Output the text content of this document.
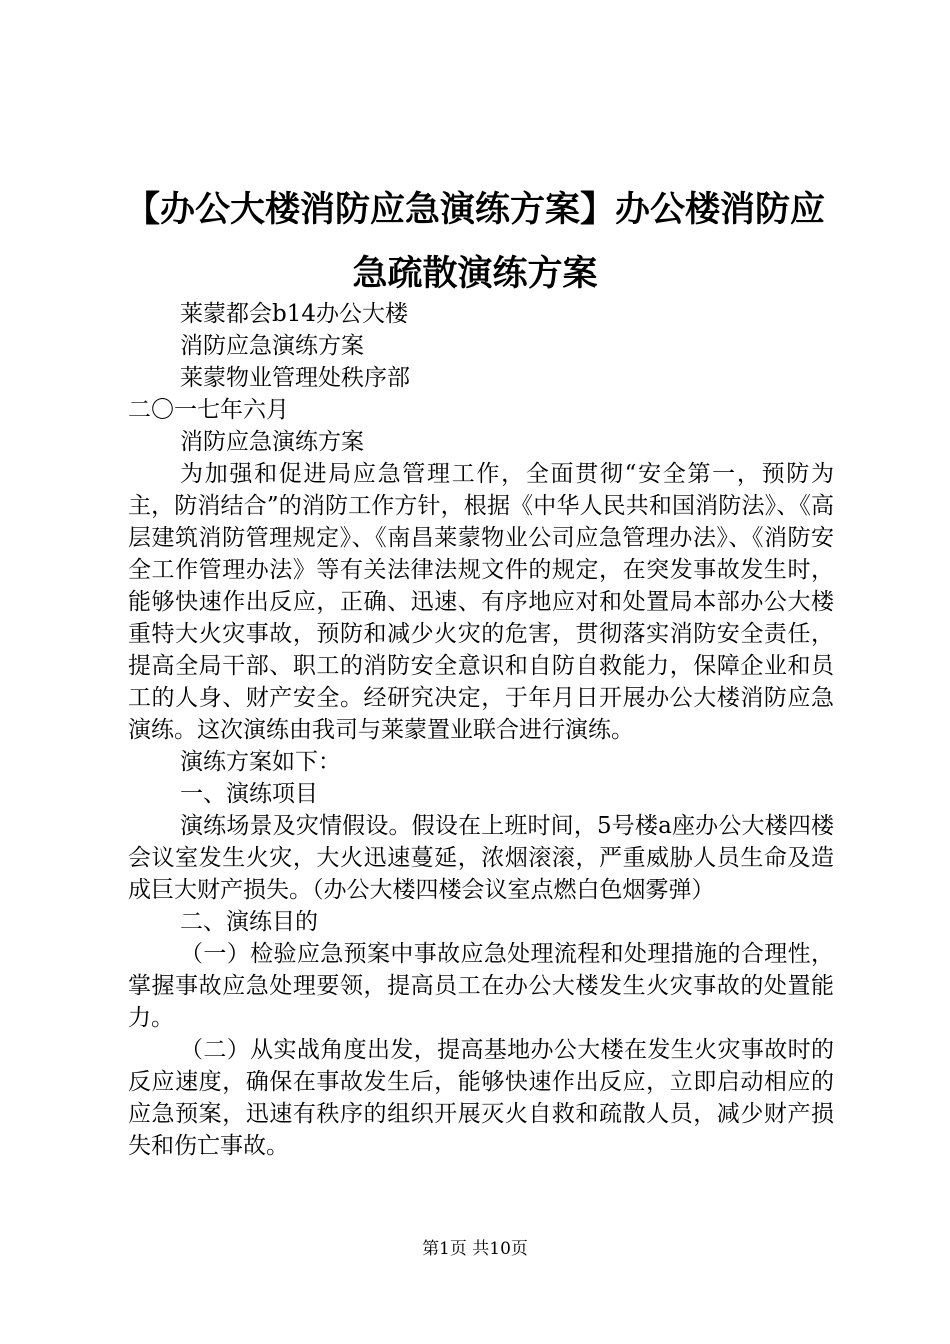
【办公大楼消防应急演练方案】办公楼消防应
急疏散演练方案

莱蒙都会b14办公大楼

消防应急演练方案

莱蒙物业管理处秩序部

二〇一七年六月

消防应急演练方案

为加强和促进局应急管理工作，全面贯彻“安全第一，预防为主，防消结合”的消防工作方针，根据《中华人民共和国消防法》、《高层建筑消防管理规定》、《南昌莱蒙物业公司应急管理办法》、《消防安全工作管理办法》等有关法律法规文件的规定，在突发事故发生时，能够快速作出反应，正确、迅速、有序地应对和处置局本部办公大楼重特大火灾事故，预防和减少火灾的危害，贯彻落实消防安全责任，提高全局干部、职工的消防安全意识和自防自救能力，保障企业和员工的人身、财产安全。经研究决定，于年月日开展办公大楼消防应急演练。这次演练由我司与莱蒙置业联合进行演练。

演练方案如下：

一、演练项目

演练场景及灾情假设。假设在上班时间，5号楼a座办公大楼四楼会议室发生火灾，大火迅速蔓延，浓烟滚滚，严重威胁人员生命及造成巨大财产损失。（办公大楼四楼会议室点燃白色烟雾弹）

二、演练目的

（一）检验应急预案中事故应急处理流程和处理措施的合理性，掌握事故应急处理要领，提高员工在办公大楼发生火灾事故的处置能力。

（二）从实战角度出发，提高基地办公大楼在发生火灾事故时的反应速度，确保在事故发生后，能够快速作出反应，立即启动相应的应急预案，迅速有秩序的组织开展灭火自救和疏散人员，减少财产损失和伤亡事故。

第1页 共10页
